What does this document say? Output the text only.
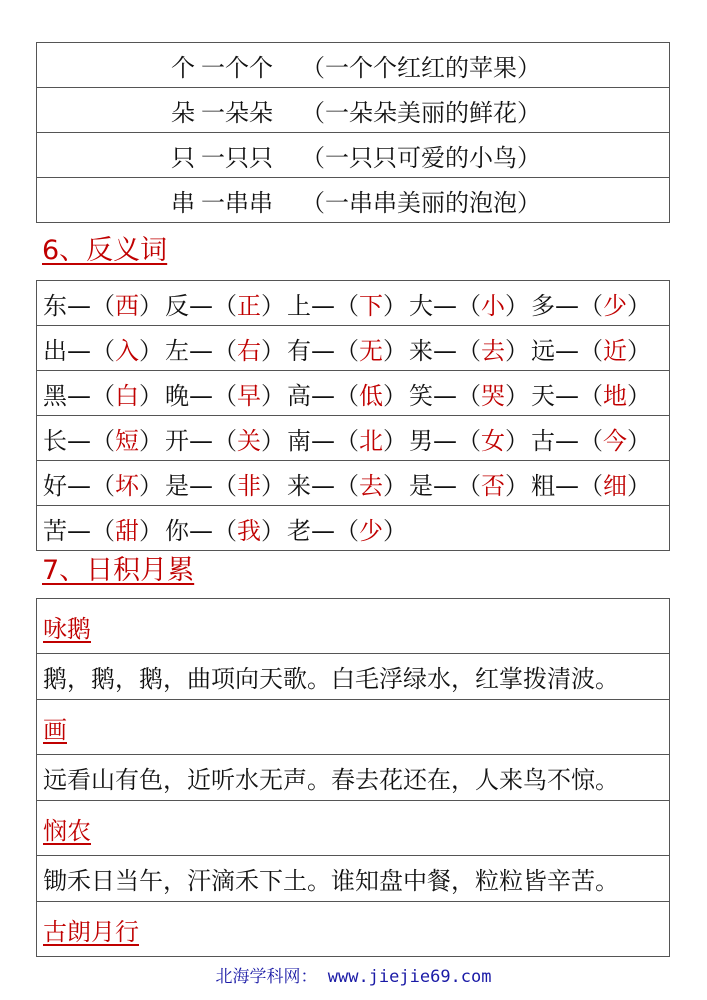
个 一个个 （一个个红红的苹果）
朵 一朵朵 （一朵朵美丽的鲜花）
只 一只只 （一只只可爱的小鸟）
串 一串串 （一串串美丽的泡泡）
6、反义词
东—（西）反—（正）上—（下）大—（小）多—（少）
出—（入）左—（右）有—（无）来—（去）远—（近）
黑—（白）晚—（早）高—（低）笑—（哭）天—（地）
长—（短）开—（关）南—（北）男—（女）古—（今）
好—（坏）是—（非）来—（去）是—（否）粗—（细）
苦—（甜）你—（我）老—（少）
7、日积月累
咏鹅
鹅，鹅，鹅，曲项向天歌。白毛浮绿水，红掌拨清波。
画
远看山有色，近听水无声。春去花还在，人来鸟不惊。
悯农
锄禾日当午，汗滴禾下土。谁知盘中餐，粒粒皆辛苦。
古朗月行
北海学科网： www.jiejie69.com
